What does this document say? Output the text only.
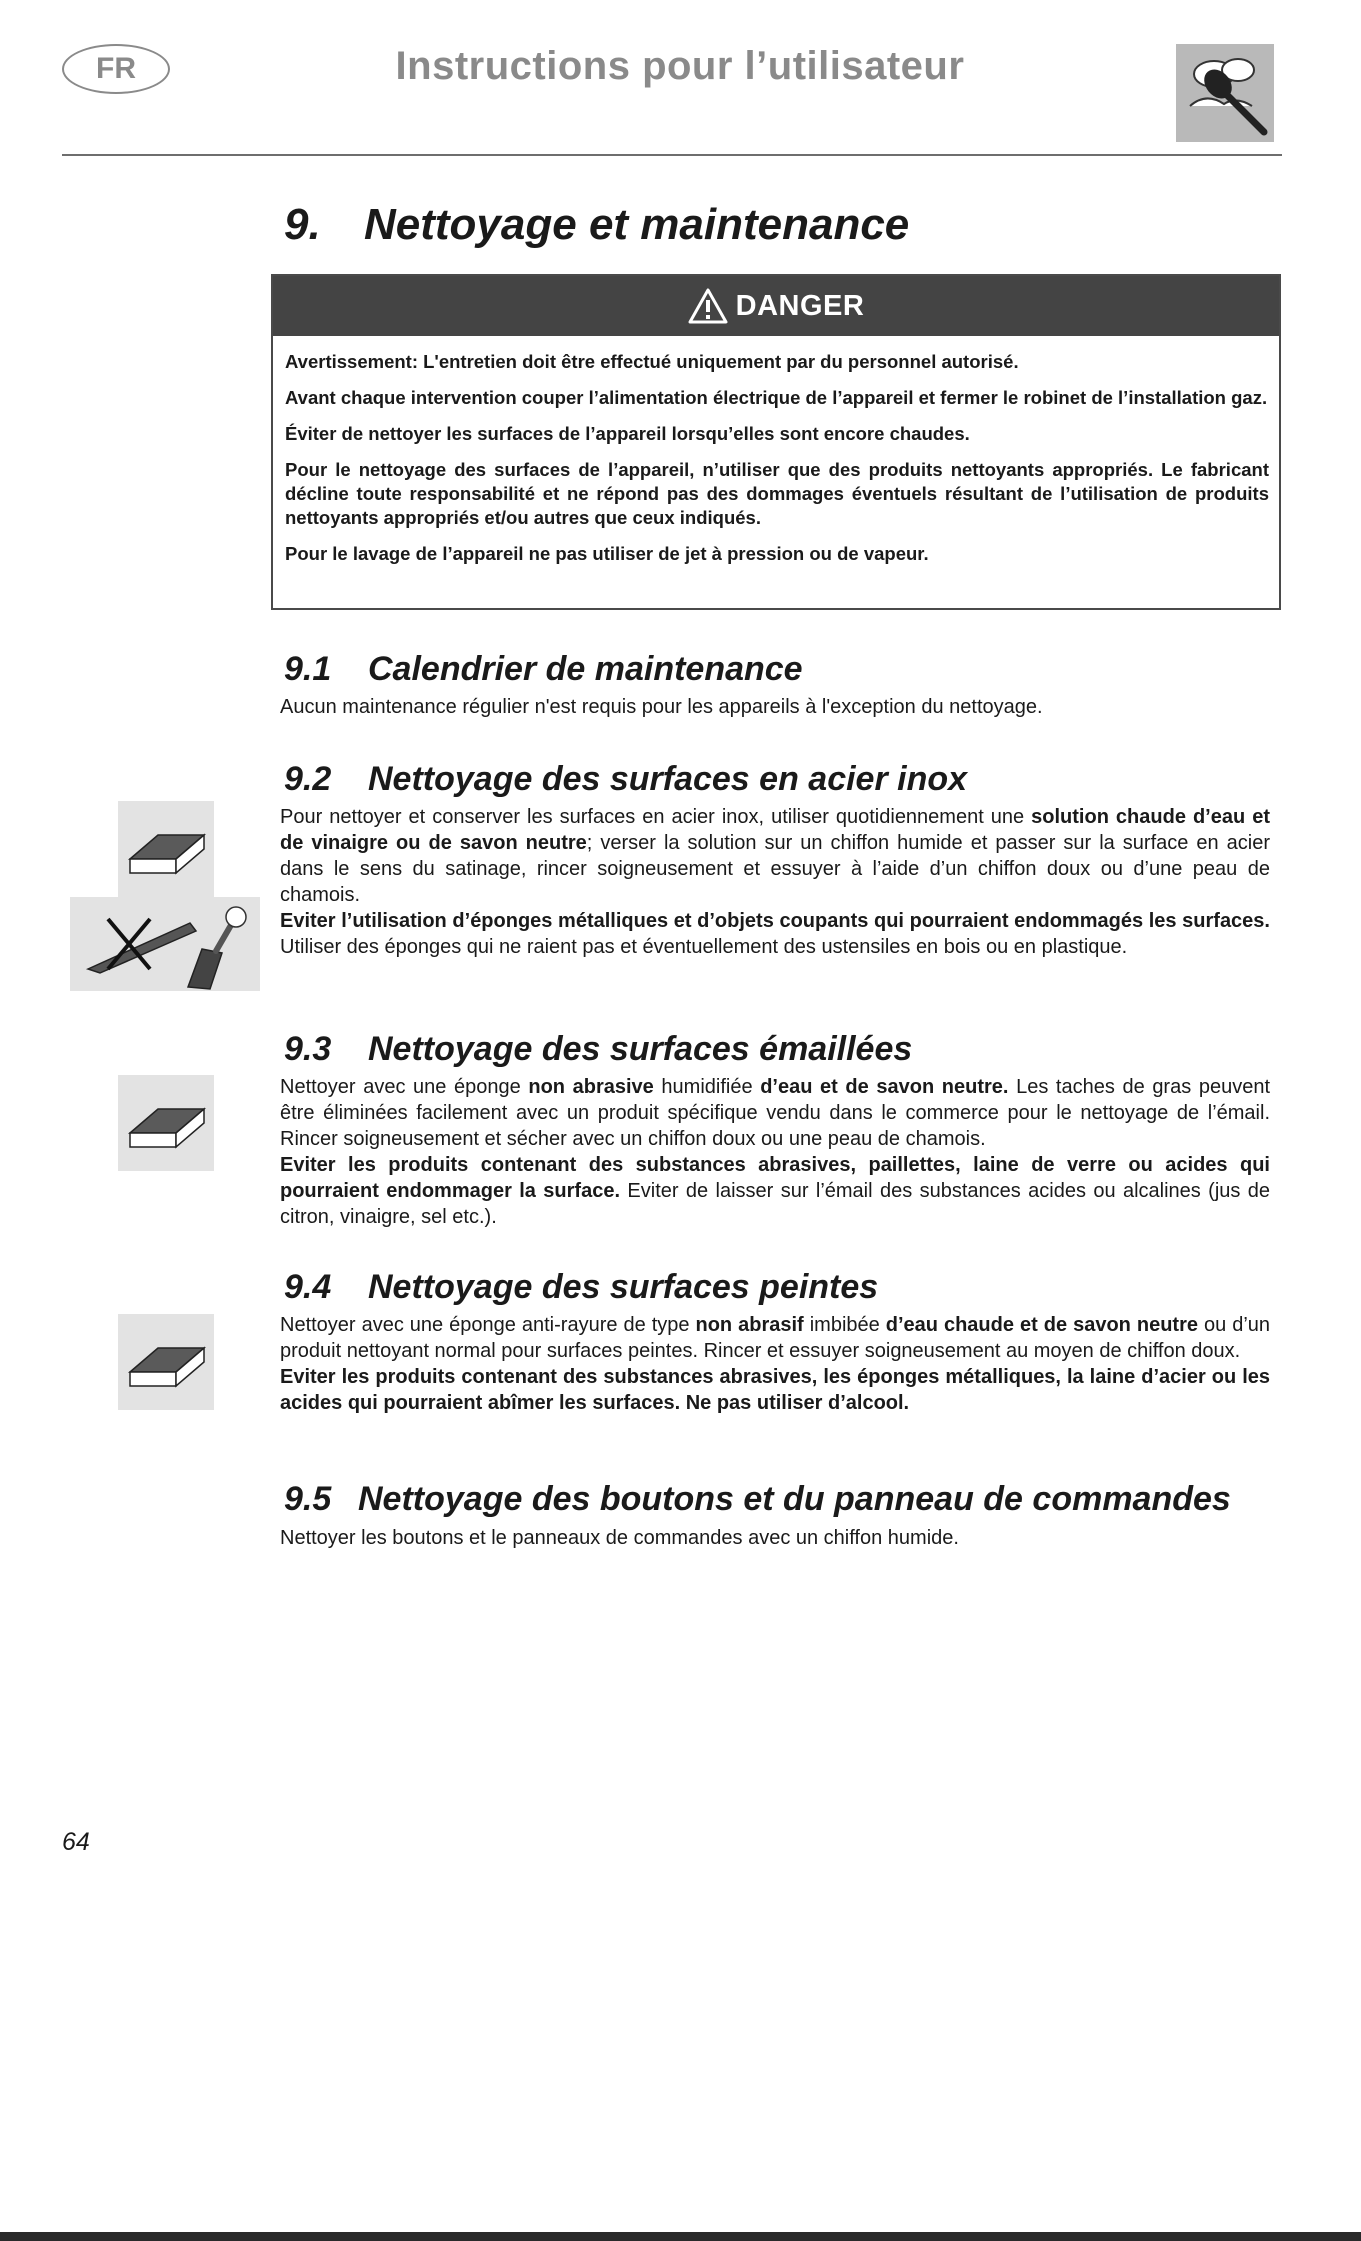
FR	Instructions pour l’utilisateur
9. Nettoyage et maintenance
DANGER

Avertissement: L'entretien doit être effectué uniquement par du personnel autorisé.

Avant chaque intervention couper l’alimentation électrique de l’appareil et fermer le robinet de l’installation gaz.

Éviter de nettoyer les surfaces de l’appareil lorsqu’elles sont encore chaudes.

Pour le nettoyage des surfaces de l’appareil, n’utiliser que des produits nettoyants appropriés. Le fabricant décline toute responsabilité et ne répond pas des dommages éventuels résultant de l’utilisation de produits nettoyants appropriés et/ou autres que ceux indiqués.

Pour le lavage de l’appareil ne pas utiliser de jet à pression ou de vapeur.

9.1 Calendrier de maintenance

Aucun maintenance régulier n'est requis pour les appareils à l'exception du nettoyage.

9.2 Nettoyage des surfaces en acier inox

Pour nettoyer et conserver les surfaces en acier inox, utiliser quotidiennement une solution chaude d’eau et de vinaigre ou de savon neutre; verser la solution sur un chiffon humide et passer sur la surface en acier dans le sens du satinage, rincer soigneusement et essuyer à l’aide d’un chiffon doux ou d’une peau de chamois.
Eviter l’utilisation d’éponges métalliques et d’objets coupants qui pourraient endommagés les surfaces. Utiliser des éponges qui ne raient pas et éventuellement des ustensiles en bois ou en plastique.

9.3 Nettoyage des surfaces émaillées

Nettoyer avec une éponge non abrasive humidifiée d’eau et de savon neutre. Les taches de gras peuvent être éliminées facilement avec un produit spécifique vendu dans le commerce pour le nettoyage de l’émail. Rincer soigneusement et sécher avec un chiffon doux ou une peau de chamois.
Eviter les produits contenant des substances abrasives, paillettes, laine de verre ou acides qui pourraient endommager la surface. Eviter de laisser sur l’émail des substances acides ou alcalines (jus de citron, vinaigre, sel etc.).

9.4 Nettoyage des surfaces peintes

Nettoyer avec une éponge anti-rayure de type non abrasif imbibée d’eau chaude et de savon neutre ou d’un produit nettoyant normal pour surfaces peintes. Rincer et essuyer soigneusement au moyen de chiffon doux.
Eviter les produits contenant des substances abrasives, les éponges métalliques, la laine d’acier ou les acides qui pourraient abîmer les surfaces. Ne pas utiliser d’alcool.

9.5 Nettoyage des boutons et du panneau de commandes

Nettoyer les boutons et le panneaux de commandes avec un chiffon humide.

64
